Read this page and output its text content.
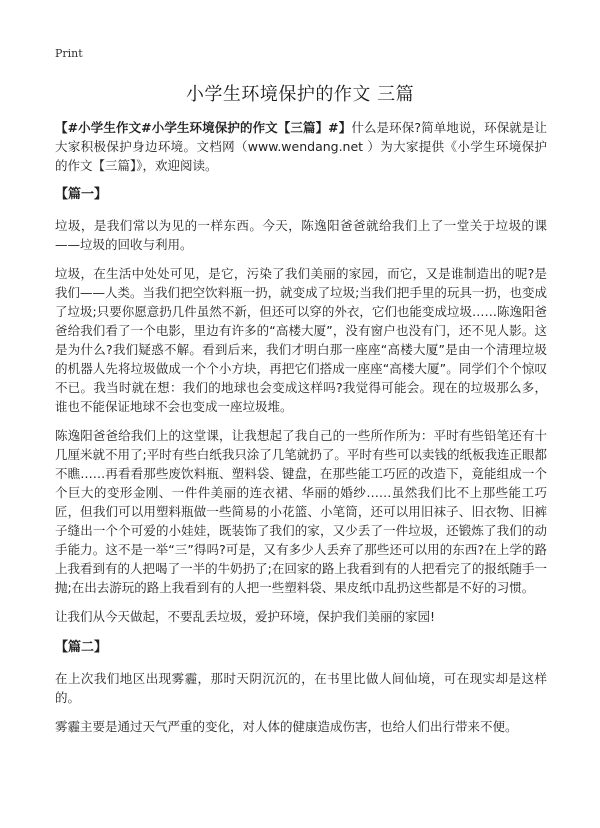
Print
小学生环境保护的作文 三篇

【#小学生作文#小学生环境保护的作文【三篇】#】什么是环保?简单地说，环保就是让大家积极保护身边环境。文档网（www.wendang.net ）为大家提供《小学生环境保护的作文【三篇】》，欢迎阅读。

【篇一】

垃圾，是我们常以为见的一样东西。今天，陈逸阳爸爸就给我们上了一堂关于垃圾的课——垃圾的回收与利用。

垃圾，在生活中处处可见，是它，污染了我们美丽的家园，而它，又是谁制造出的呢?是我们——人类。当我们把空饮料瓶一扔，就变成了垃圾;当我们把手里的玩具一扔，也变成了垃圾;只要你愿意扔几件虽然不新，但还可以穿的外衣，它们也能变成垃圾……陈逸阳爸爸给我们看了一个电影，里边有许多的“高楼大厦”，没有窗户也没有门，还不见人影。这是为什么?我们疑惑不解。看到后来，我们才明白那一座座“高楼大厦”是由一个清理垃圾的机器人先将垃圾做成一个个小方块，再把它们搭成一座座“高楼大厦”。同学们个个惊叹不已。我当时就在想：我们的地球也会变成这样吗?我觉得可能会。现在的垃圾那么多，谁也不能保证地球不会也变成一座垃圾堆。

陈逸阳爸爸给我们上的这堂课，让我想起了我自己的一些所作所为：平时有些铅笔还有十几厘米就不用了;平时有些白纸我只涂了几笔就扔了。平时有些可以卖钱的纸板我连正眼都不瞧……再看看那些废饮料瓶、塑料袋、键盘，在那些能工巧匠的改造下，竟能组成一个个巨大的变形金刚、一件件美丽的连衣裙、华丽的婚纱……虽然我们比不上那些能工巧匠，但我们可以用塑料瓶做一些简易的小花篮、小笔筒，还可以用旧袜子、旧衣物、旧裤子缝出一个个可爱的小娃娃，既装饰了我们的家，又少丢了一件垃圾，还锻炼了我们的动手能力。这不是一举“三”得吗?可是，又有多少人丢弃了那些还可以用的东西?在上学的路上我看到有的人把喝了一半的牛奶扔了;在回家的路上我看到有的人把看完了的报纸随手一抛;在出去游玩的路上我看到有的人把一些塑料袋、果皮纸巾乱扔这些都是不好的习惯。

让我们从今天做起，不要乱丢垃圾，爱护环境，保护我们美丽的家园!

【篇二】

在上次我们地区出现雾霾，那时天阴沉沉的，在书里比做人间仙境，可在现实却是这样的。

雾霾主要是通过天气严重的变化，对人体的健康造成伤害，也给人们出行带来不便。
